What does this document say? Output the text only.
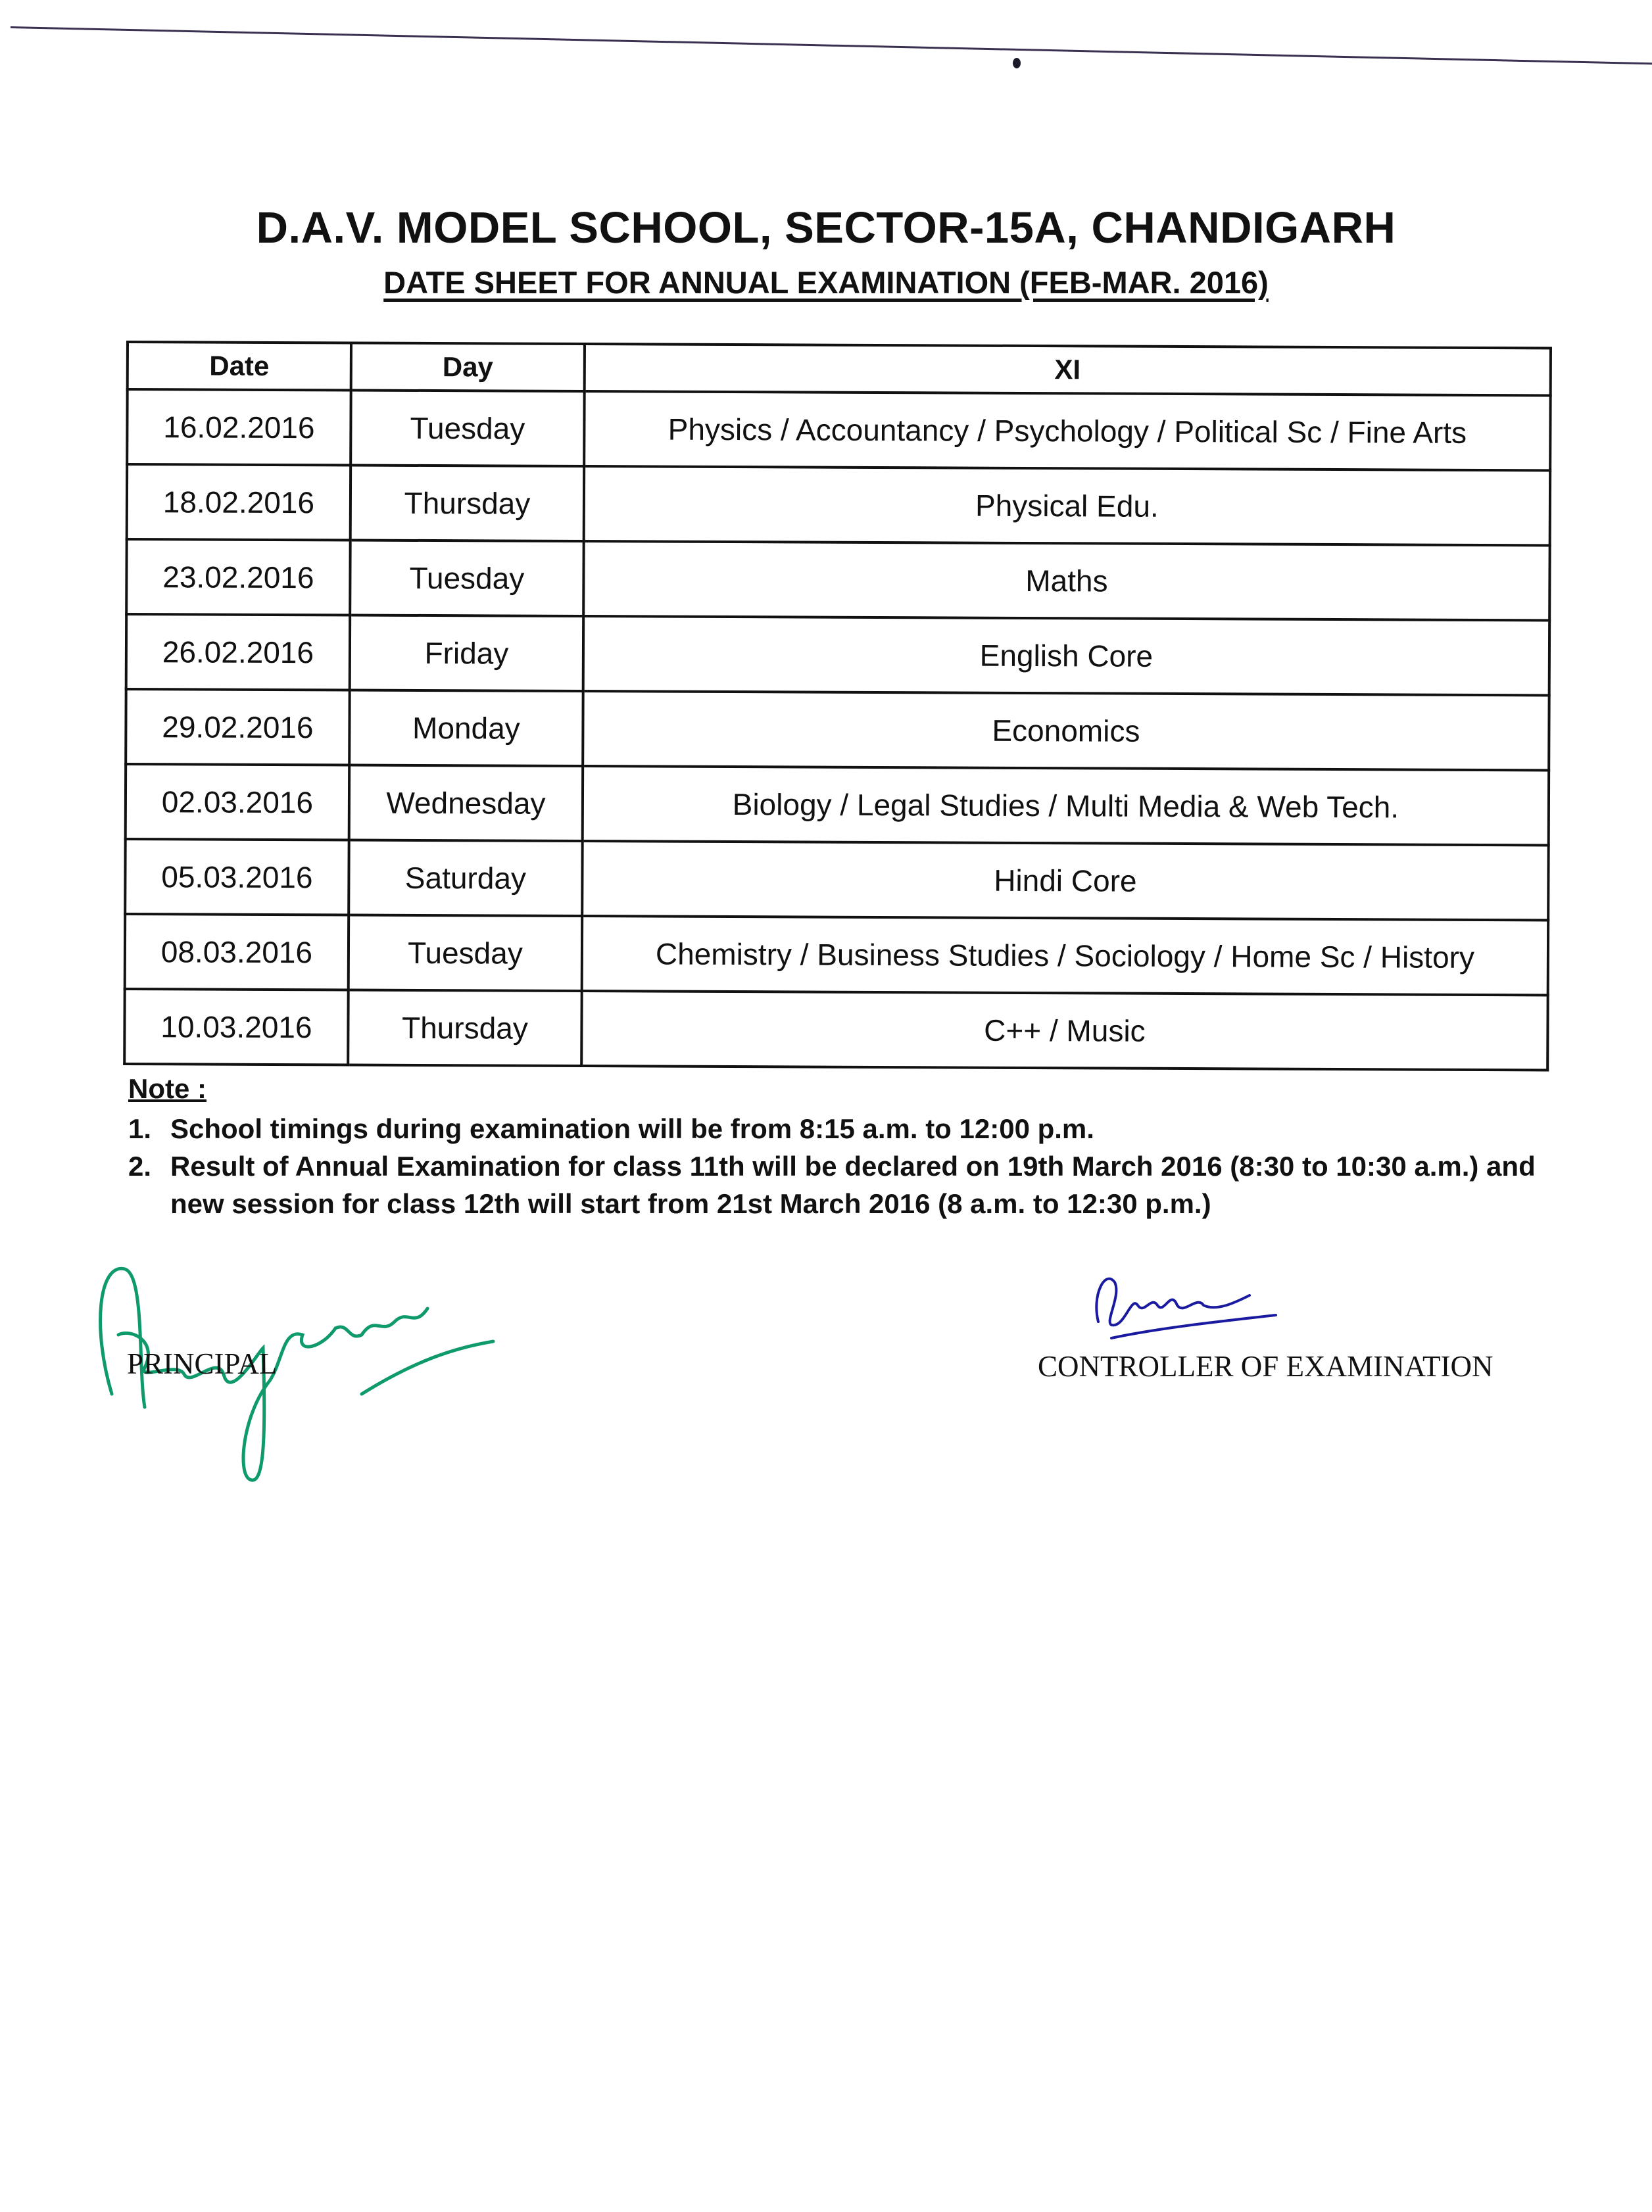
D.A.V. MODEL SCHOOL, SECTOR-15A, CHANDIGARH
DATE SHEET FOR ANNUAL EXAMINATION (FEB-MAR. 2016)
Date	Day	XI
16.02.2016	Tuesday	Physics / Accountancy / Psychology / Political Sc / Fine Arts
18.02.2016	Thursday	Physical Edu.
23.02.2016	Tuesday	Maths
26.02.2016	Friday	English Core
29.02.2016	Monday	Economics
02.03.2016	Wednesday	Biology / Legal Studies / Multi Media & Web Tech.
05.03.2016	Saturday	Hindi Core
08.03.2016	Tuesday	Chemistry / Business Studies / Sociology / Home Sc / History
10.03.2016	Thursday	C++ / Music
Note :
1. School timings during examination will be from 8:15 a.m. to 12:00 p.m.
2. Result of Annual Examination for class 11th will be declared on 19th March 2016 (8:30 to 10:30 a.m.) and new session for class 12th will start from 21st March 2016 (8 a.m. to 12:30 p.m.)
PRINCIPAL	CONTROLLER OF EXAMINATION
